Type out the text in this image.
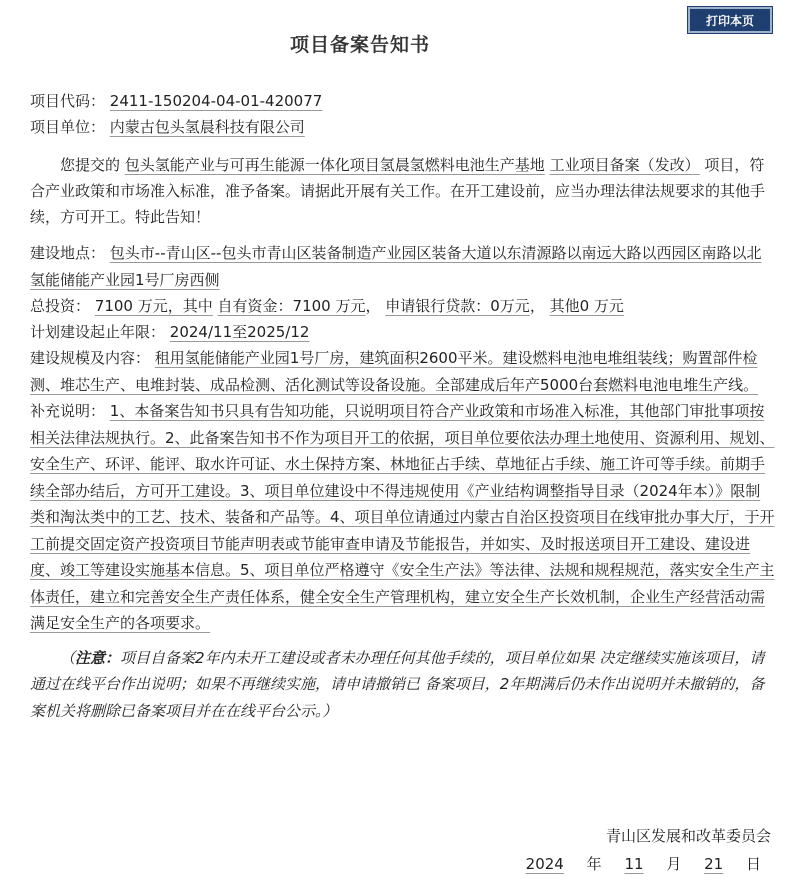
打印本页
项目备案告知书
项目代码： 2411-150204-04-01-420077
项目单位： 内蒙古包头氢晨科技有限公司
您提交的 包头氢能产业与可再生能源一体化项目氢晨氢燃料电池生产基地 工业项目备案（发改） 项目，符合产业政策和市场准入标准，准予备案。请据此开展有关工作。在开工建设前，应当办理法律法规要求的其他手续，方可开工。特此告知！
建设地点： 包头市--青山区--包头市青山区装备制造产业园区装备大道以东清源路以南远大路以西园区南路以北氢能储能产业园1号厂房西侧
总投资： 7100 万元，其中 自有资金：7100 万元， 申请银行贷款：0万元， 其他0 万元
计划建设起止年限： 2024/11至2025/12
建设规模及内容： 租用氢能储能产业园1号厂房，建筑面积2600平米。建设燃料电池电堆组装线；购置部件检测、堆芯生产、电堆封装、成品检测、活化测试等设备设施。全部建成后年产5000台套燃料电池电堆生产线。
补充说明： 1、本备案告知书只具有告知功能，只说明项目符合产业政策和市场准入标准，其他部门审批事项按相关法律法规执行。2、此备案告知书不作为项目开工的依据，项目单位要依法办理土地使用、资源利用、规划、安全生产、环评、能评、取水许可证、水土保持方案、林地征占手续、草地征占手续、施工许可等手续。前期手续全部办结后，方可开工建设。3、项目单位建设中不得违规使用《产业结构调整指导目录（2024年本）》限制类和淘汰类中的工艺、技术、装备和产品等。4、项目单位请通过内蒙古自治区投资项目在线审批办事大厅，于开工前提交固定资产投资项目节能声明表或节能审查申请及节能报告，并如实、及时报送项目开工建设、建设进度、竣工等建设实施基本信息。5、项目单位严格遵守《安全生产法》等法律、法规和规程规范，落实安全生产主体责任，建立和完善安全生产责任体系，健全安全生产管理机构，建立安全生产长效机制，企业生产经营活动需满足安全生产的各项要求。
（注意：项目自备案2年内未开工建设或者未办理任何其他手续的，项目单位如果 决定继续实施该项目，请通过在线平台作出说明；如果不再继续实施，请申请撤销已 备案项目，2年期满后仍未作出说明并未撤销的，备案机关将删除已备案项目并在在线平台公示。）
青山区发展和改革委员会
2024 年 11 月 21 日
